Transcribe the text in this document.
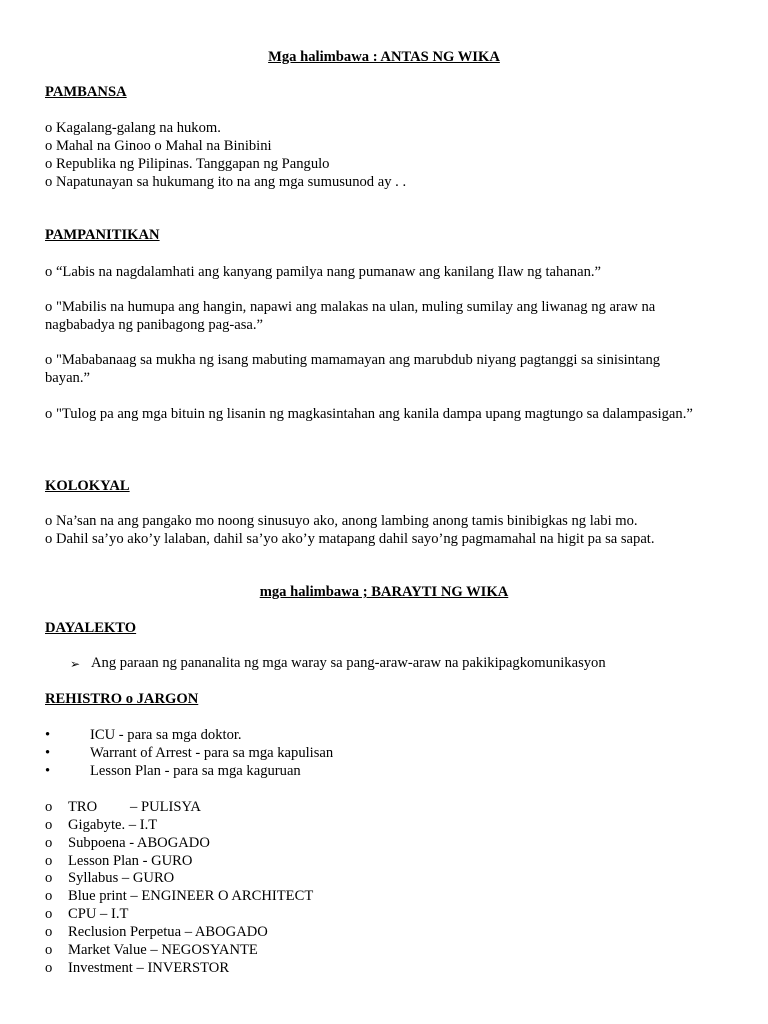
Mga halimbawa : ANTAS NG WIKA

PAMBANSA

o Kagalang-galang na hukom.

o Mahal na Ginoo o Mahal na Binibini

o Republika ng Pilipinas. Tanggapan ng Pangulo

o Napatunayan sa hukumang ito na ang mga sumusunod ay . .

PAMPANITIKAN

o “Labis na nagdalamhati ang kanyang pamilya nang pumanaw ang kanilang Ilaw ng tahanan.”

o "Mabilis na humupa ang hangin, napawi ang malakas na ulan, muling sumilay ang liwanag ng araw na nagbabadya ng panibagong pag-asa.”

o "Mababanaag sa mukha ng isang mabuting mamamayan ang marubdub niyang pagtanggi sa sinisintang bayan.”

o "Tulog pa ang mga bituin ng lisanin ng magkasintahan ang kanila dampa upang magtungo sa dalampasigan.”

KOLOKYAL

o Na’san na ang pangako mo noong sinusuyo ako, anong lambing anong tamis binibigkas ng labi mo.

o Dahil sa’yo ako’y lalaban, dahil sa’yo ako’y matapang dahil sayo’ng pagmamahal na higit pa sa sapat.

mga halimbawa ; BARAYTI NG WIKA

DAYALEKTO

➢ Ang paraan ng pananalita ng mga waray sa pang-araw-araw na pakikipagkomunikasyon

REHISTRO o JARGON

•	ICU - para sa mga doktor.
•	Warrant of Arrest - para sa mga kapulisan
•	Lesson Plan - para sa mga kaguruan
o TRO         – PULISYA
o Gigabyte. – I.T
o Subpoena - ABOGADO
o Lesson Plan - GURO
o Syllabus – GURO
o Blue print – ENGINEER O ARCHITECT
o CPU – I.T
o Reclusion Perpetua – ABOGADO
o Market Value – NEGOSYANTE
o Investment – INVERSTOR
